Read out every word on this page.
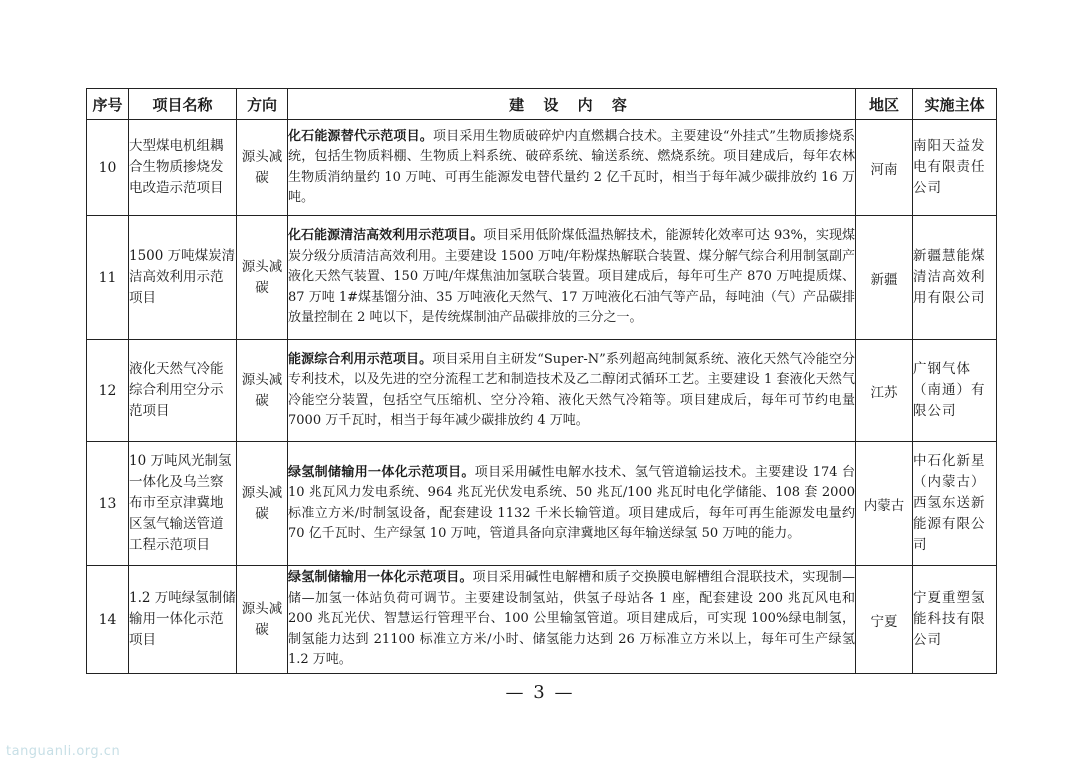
序号	项目名称	方向	建 设 内 容	地区	实施主体
10	大型煤电机组耦合生物质掺烧发电改造示范项目	源头减碳	化石能源替代示范项目。项目采用生物质破碎炉内直燃耦合技术。主要建设“外挂式”生物质掺烧系统，包括生物质料棚、生物质上料系统、破碎系统、输送系统、燃烧系统。项目建成后，每年农林生物质消纳量约 10 万吨、可再生能源发电替代量约 2 亿千瓦时，相当于每年减少碳排放约 16 万吨。	河南	南阳天益发电有限责任公司
11	1500 万吨煤炭清洁高效利用示范项目	源头减碳	化石能源清洁高效利用示范项目。项目采用低阶煤低温热解技术，能源转化效率可达 93%，实现煤炭分级分质清洁高效利用。主要建设 1500 万吨/年粉煤热解联合装置、煤分解气综合利用制氢副产液化天然气装置、150 万吨/年煤焦油加氢联合装置。项目建成后，每年可生产 870 万吨提质煤、87 万吨 1#煤基馏分油、35 万吨液化天然气、17 万吨液化石油气等产品，每吨油（气）产品碳排放量控制在 2 吨以下，是传统煤制油产品碳排放的三分之一。	新疆	新疆慧能煤清洁高效利用有限公司
12	液化天然气冷能综合利用空分示范项目	源头减碳	能源综合利用示范项目。项目采用自主研发“Super-N”系列超高纯制氮系统、液化天然气冷能空分专利技术，以及先进的空分流程工艺和制造技术及乙二醇闭式循环工艺。主要建设 1 套液化天然气冷能空分装置，包括空气压缩机、空分冷箱、液化天然气冷箱等。项目建成后，每年可节约电量 7000 万千瓦时，相当于每年减少碳排放约 4 万吨。	江苏	广钢气体（南通）有限公司
13	10 万吨风光制氢一体化及乌兰察布市至京津冀地区氢气输送管道工程示范项目	源头减碳	绿氢制储输用一体化示范项目。项目采用碱性电解水技术、氢气管道输运技术。主要建设 174 台 10 兆瓦风力发电系统、964 兆瓦光伏发电系统、50 兆瓦/100 兆瓦时电化学储能、108 套 2000 标准立方米/时制氢设备，配套建设 1132 千米长输管道。项目建成后，每年可再生能源发电量约 70 亿千瓦时、生产绿氢 10 万吨，管道具备向京津冀地区每年输送绿氢 50 万吨的能力。	内蒙古	中石化新星（内蒙古）西氢东送新能源有限公司
14	1.2 万吨绿氢制储输用一体化示范项目	源头减碳	绿氢制储输用一体化示范项目。项目采用碱性电解槽和质子交换膜电解槽组合混联技术，实现制—储—加氢一体站负荷可调节。主要建设制氢站，供氢子母站各 1 座，配套建设 200 兆瓦风电和 200 兆瓦光伏、智慧运行管理平台、100 公里输氢管道。项目建成后，可实现 100%绿电制氢，制氢能力达到 21100 标准立方米/小时、储氢能力达到 26 万标准立方米以上，每年可生产绿氢 1.2 万吨。	宁夏	宁夏重塑氢能科技有限公司
— 3 —
tanguanli.org.cn
